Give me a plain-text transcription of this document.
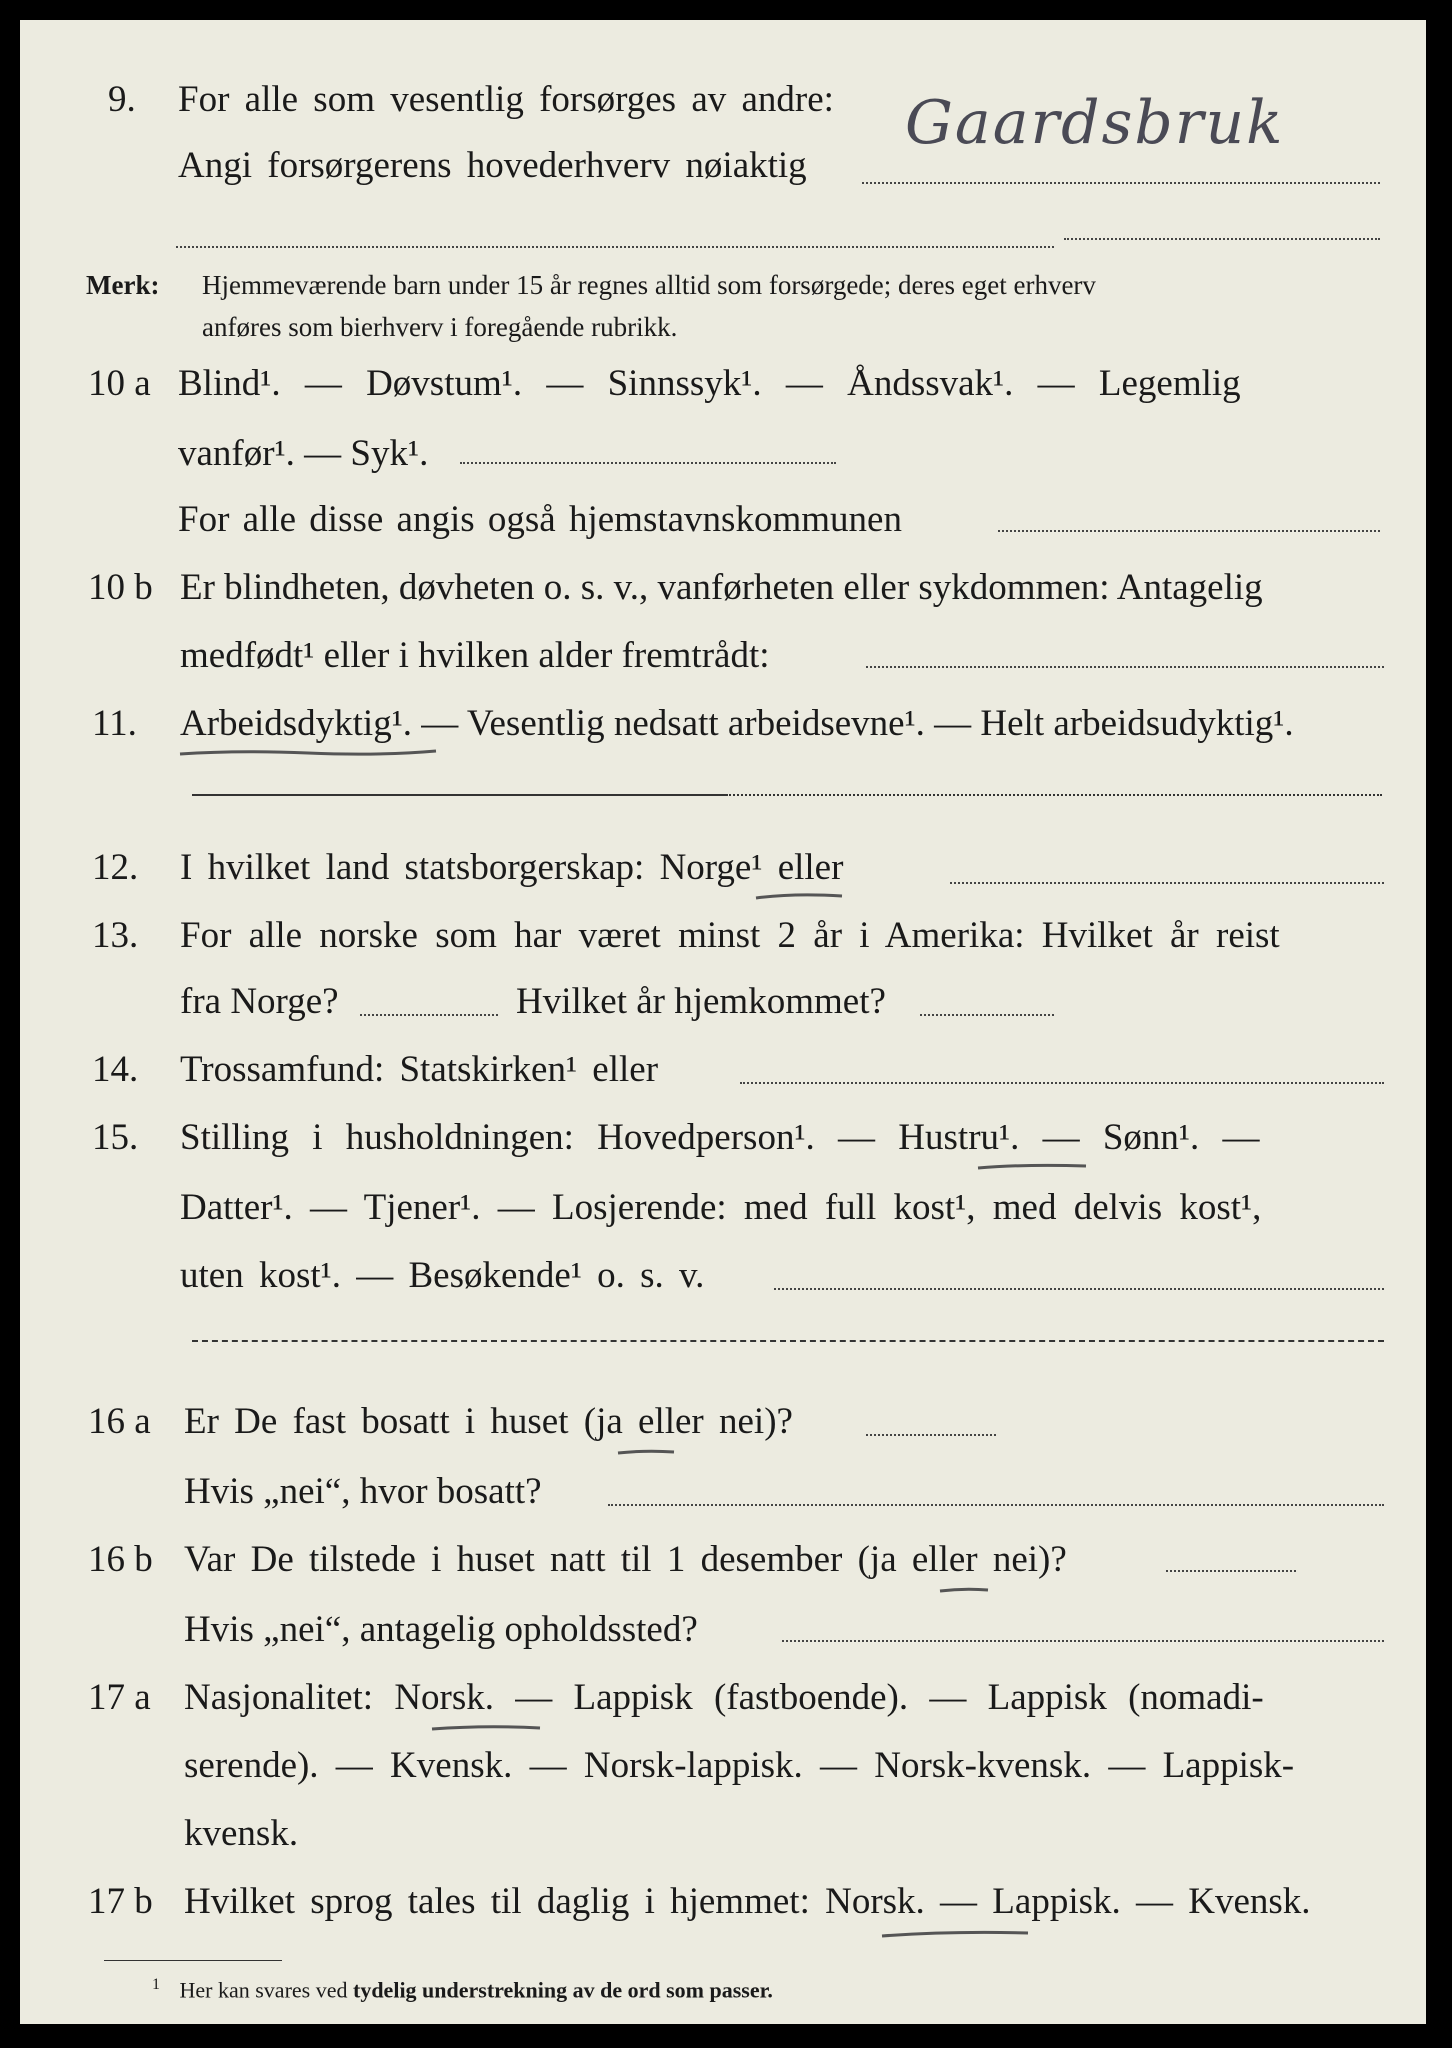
9. For alle som vesentlig forsørges av andre: Gaardsbruk
Angi forsørgerens hovederhverv nøiaktig
Merk: Hjemmeværende barn under 15 år regnes alltid som forsørgede; deres eget erhverv
anføres som bierhverv i foregående rubrikk.
10 a Blind¹. — Døvstum¹. — Sinnssyk¹. — Åndssvak¹. — Legemlig
vanfør¹. — Syk¹.
For alle disse angis også hjemstavnskommunen
10 b Er blindheten, døvheten o. s. v., vanførheten eller sykdommen: Antagelig
medfødt¹ eller i hvilken alder fremtrådt:
11. Arbeidsdyktig¹. — Vesentlig nedsatt arbeidsevne¹. — Helt arbeidsudyktig¹.
12. I hvilket land statsborgerskap: Norge¹ eller
13. For alle norske som har været minst 2 år i Amerika: Hvilket år reist
fra Norge?	Hvilket år hjemkommet?
14. Trossamfund: Statskirken¹ eller
15. Stilling i husholdningen: Hovedperson¹. — Hustru¹. — Sønn¹. —
Datter¹. — Tjener¹. — Losjerende: med full kost¹, med delvis kost¹,
uten kost¹. — Besøkende¹ o. s. v.
16 a Er De fast bosatt i huset (ja eller nei)?
Hvis „nei“, hvor bosatt?
16 b Var De tilstede i huset natt til 1 desember (ja eller nei)?
Hvis „nei“, antagelig opholdssted?
17 a Nasjonalitet: Norsk. — Lappisk (fastboende). — Lappisk (nomadi-
serende). — Kvensk. — Norsk-lappisk. — Norsk-kvensk. — Lappisk-
kvensk.
17 b Hvilket sprog tales til daglig i hjemmet: Norsk. — Lappisk. — Kvensk.
$^1$ Her kan svares ved tydelig understrekning av de ord som passer.
